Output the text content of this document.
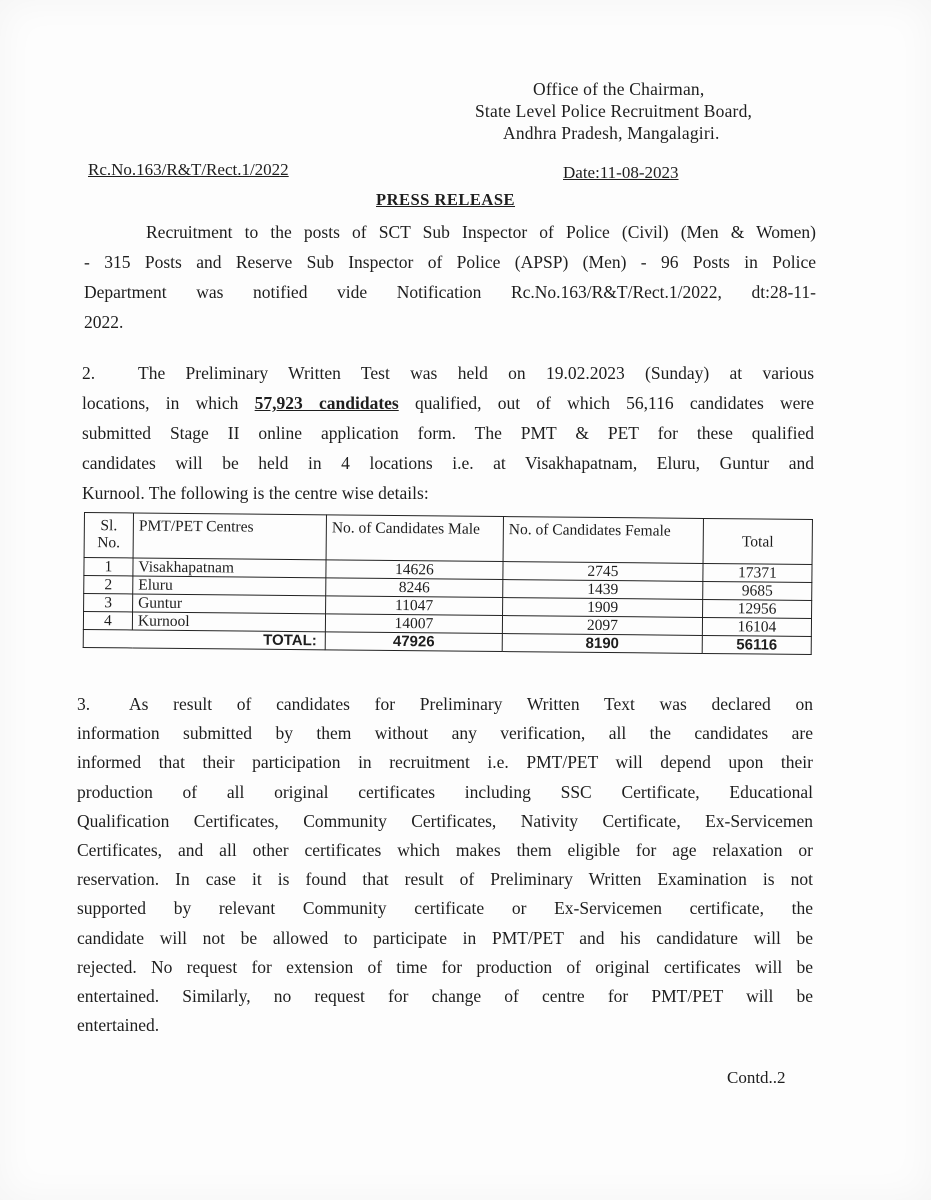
Office of the Chairman,
State Level Police Recruitment Board,
Andhra Pradesh, Mangalagiri.
Rc.No.163/R&T/Rect.1/2022	Date:11-08-2023
PRESS RELEASE
Recruitment to the posts of SCT Sub Inspector of Police (Civil) (Men & Women)
- 315 Posts and Reserve Sub Inspector of Police (APSP) (Men) - 96 Posts in Police
Department was notified vide Notification Rc.No.163/R&T/Rect.1/2022, dt:28-11-
2022.
2. The Preliminary Written Test was held on 19.02.2023 (Sunday) at various
locations, in which 57,923 candidates qualified, out of which 56,116 candidates were
submitted Stage II online application form. The PMT & PET for these qualified
candidates will be held in 4 locations i.e. at Visakhapatnam, Eluru, Guntur and
Kurnool. The following is the centre wise details:
Sl. No.	PMT/PET Centres	No. of Candidates Male	No. of Candidates Female	Total
1	Visakhapatnam	14626	2745	17371
2	Eluru	8246	1439	9685
3	Guntur	11047	1909	12956
4	Kurnool	14007	2097	16104
TOTAL:		47926	8190	56116
3. As result of candidates for Preliminary Written Text was declared on
information submitted by them without any verification, all the candidates are
informed that their participation in recruitment i.e. PMT/PET will depend upon their
production of all original certificates including SSC Certificate, Educational
Qualification Certificates, Community Certificates, Nativity Certificate, Ex-Servicemen
Certificates, and all other certificates which makes them eligible for age relaxation or
reservation. In case it is found that result of Preliminary Written Examination is not
supported by relevant Community certificate or Ex-Servicemen certificate, the
candidate will not be allowed to participate in PMT/PET and his candidature will be
rejected. No request for extension of time for production of original certificates will be
entertained. Similarly, no request for change of centre for PMT/PET will be
entertained.
Contd..2
